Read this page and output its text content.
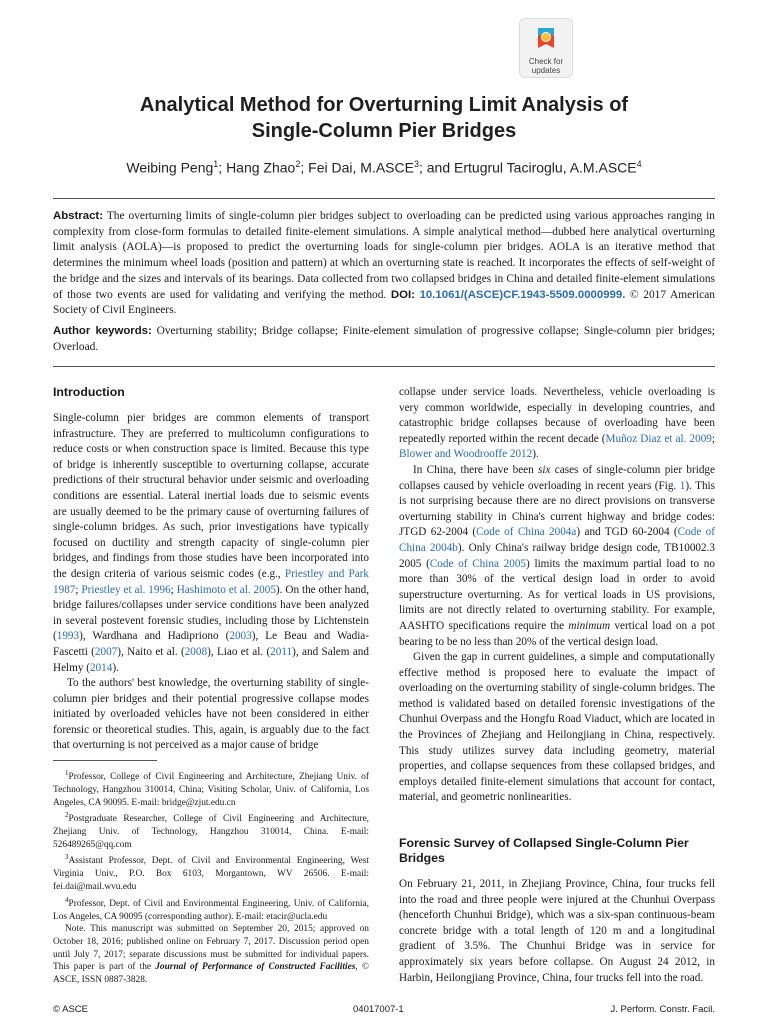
Check for
updates
Analytical Method for Overturning Limit Analysis of
Single-Column Pier Bridges
Weibing Peng$^1$; Hang Zhao$^2$; Fei Dai, M.ASCE$^3$; and Ertugrul Taciroglu, A.M.ASCE$^4$
Abstract: The overturning limits of single-column pier bridges subject to overloading can be predicted using various approaches ranging in complexity from close-form formulas to detailed finite-element simulations. A simple analytical method—dubbed here analytical overturning limit analysis (AOLA)—is proposed to predict the overturning loads for single-column pier bridges. AOLA is an iterative method that determines the minimum wheel loads (position and pattern) at which an overturning state is reached. It incorporates the effects of self-weight of the bridge and the sizes and intervals of its bearings. Data collected from two collapsed bridges in China and detailed finite-element simulations of those two events are used for validating and verifying the method. DOI: 10.1061/(ASCE)CF.1943-5509.0000999. © 2017 American Society of Civil Engineers.
Author keywords: Overturning stability; Bridge collapse; Finite-element simulation of progressive collapse; Single-column pier bridges; Overload.
Introduction

Single-column pier bridges are common elements of transport infrastructure. They are preferred to multicolumn configurations to reduce costs or when construction space is limited. Because this type of bridge is inherently susceptible to overturning collapse, accurate predictions of their structural behavior under seismic and overloading conditions are essential. Lateral inertial loads due to seismic events are usually deemed to be the primary cause of overturning failures of single-column bridges. As such, prior investigations have typically focused on ductility and strength capacity of single-column pier bridges, and findings from those studies have been incorporated into the design criteria of various seismic codes (e.g., Priestley and Park 1987; Priestley et al. 1996; Hashimoto et al. 2005). On the other hand, bridge failures/collapses under service conditions have been analyzed in several postevent forensic studies, including those by Lichtenstein (1993), Wardhana and Hadipriono (2003), Le Beau and Wadia-Fascetti (2007), Naito et al. (2008), Liao et al. (2011), and Salem and Helmy (2014).

To the authors' best knowledge, the overturning stability of single-column pier bridges and their potential progressive collapse modes initiated by overloaded vehicles have not been considered in either forensic or theoretical studies. This, again, is arguably due to the fact that overturning is not perceived as a major cause of bridge

$^1$Professor, College of Civil Engineering and Architecture, Zhejiang Univ. of Technology, Hangzhou 310014, China; Visiting Scholar, Univ. of California, Los Angeles, CA 90095. E-mail: bridge@zjut.edu.cn

$^2$Postgraduate Researcher, College of Civil Engineering and Architecture, Zhejiang Univ. of Technology, Hangzhou 310014, China. E-mail: 526489265@qq.com

$^3$Assistant Professor, Dept. of Civil and Environmental Engineering, West Virginia Univ., P.O. Box 6103, Morgantown, WV 26506. E-mail: fei.dai@mail.wvu.edu

$^4$Professor, Dept. of Civil and Environmental Engineering, Univ. of California, Los Angeles, CA 90095 (corresponding author). E-mail: etacir@ucla.edu

Note. This manuscript was submitted on September 20, 2015; approved on October 18, 2016; published online on February 7, 2017. Discussion period open until July 7, 2017; separate discussions must be submitted for individual papers. This paper is part of the Journal of Performance of Constructed Facilities, © ASCE, ISSN 0887-3828.

collapse under service loads. Nevertheless, vehicle overloading is very common worldwide, especially in developing countries, and catastrophic bridge collapses because of overloading have been repeatedly reported within the recent decade (Muñoz Diaz et al. 2009; Blower and Woodrooffe 2012).

In China, there have been six cases of single-column pier bridge collapses caused by vehicle overloading in recent years (Fig. 1). This is not surprising because there are no direct provisions on transverse overturning stability in China's current highway and bridge codes: JTGD 62-2004 (Code of China 2004a) and TGD 60-2004 (Code of China 2004b). Only China's railway bridge design code, TB10002.3 2005 (Code of China 2005) limits the maximum partial load to no more than 30% of the vertical design load in order to avoid superstructure overturning. As for vertical loads in US provisions, limits are not directly related to overturning stability. For example, AASHTO specifications require the minimum vertical load on a pot bearing to be no less than 20% of the vertical design load.

Given the gap in current guidelines, a simple and computationally effective method is proposed here to evaluate the impact of overloading on the overturning stability of single-column bridges. The method is validated based on detailed forensic investigations of the Chunhui Overpass and the Hongfu Road Viaduct, which are located in the Provinces of Zhejiang and Heilongjiang in China, respectively. This study utilizes survey data including geometry, material properties, and collapse sequences from these collapsed bridges, and employs detailed finite-element simulations that account for contact, material, and geometric nonlinearities.

Forensic Survey of Collapsed Single-Column Pier
Bridges

On February 21, 2011, in Zhejiang Province, China, four trucks fell into the road and three people were injured at the Chunhui Overpass (henceforth Chunhui Bridge), which was a six-span continuous-beam concrete bridge with a total length of 120 m and a longitudinal gradient of 3.5%. The Chunhui Bridge was in service for approximately six years before collapse. On August 24 2012, in Harbin, Heilongjiang Province, China, four trucks fell into the road.

© ASCE	04017007-1	J. Perform. Constr. Facil.
